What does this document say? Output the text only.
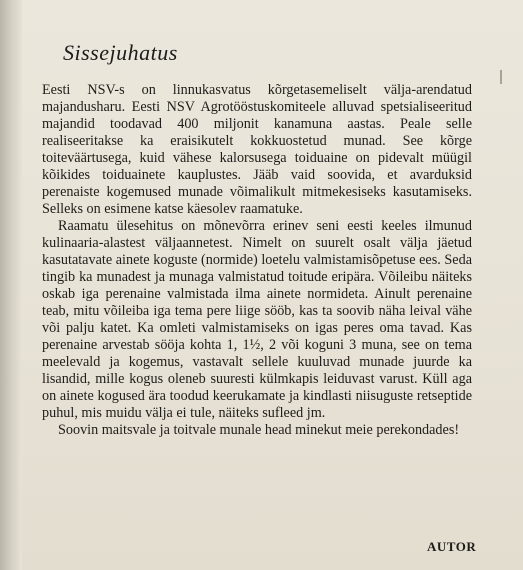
Sissejuhatus

Eesti NSV-s on linnukasvatus kõrgetasemeliselt välja-arendatud majandusharu. Eesti NSV Agrotööstuskomiteele alluvad spetsialiseeritud majandid toodavad 400 miljonit kanamuna aastas. Peale selle realiseeritakse ka eraisikutelt kokkuostetud munad. See kõrge toiteväärtusega, kuid vähese kalorsusega toiduaine on pidevalt müügil kõikides toiduainete kauplustes. Jääb vaid soovida, et avarduksid perenaiste kogemused munade võimalikult mitmekesiseks kasutamiseks. Selleks on esimene katse käesolev raamatuke.

Raamatu ülesehitus on mõnevõrra erinev seni eesti keeles ilmunud kulinaaria-alastest väljaannetest. Nimelt on suurelt osalt välja jäetud kasutatavate ainete koguste (normide) loetelu valmistamisõpetuse ees. Seda tingib ka munadest ja munaga valmistatud toitude eripära. Võileibu näiteks oskab iga perenaine valmistada ilma ainete normideta. Ainult perenaine teab, mitu võileiba iga tema pere liige sööb, kas ta soovib näha leival vähe või palju katet. Ka omleti valmistamiseks on igas peres oma tavad. Kas perenaine arvestab sööja kohta 1, 1½, 2 või koguni 3 muna, see on tema meelevald ja kogemus, vastavalt sellele kuuluvad munade juurde ka lisandid, mille kogus oleneb suuresti külmkapis leiduvast varust. Küll aga on ainete kogused ära toodud keerukamate ja kindlasti niisuguste retseptide puhul, mis muidu välja ei tule, näiteks sufleed jm.

Soovin maitsvale ja toitvale munale head minekut meie perekondades!

AUTOR
